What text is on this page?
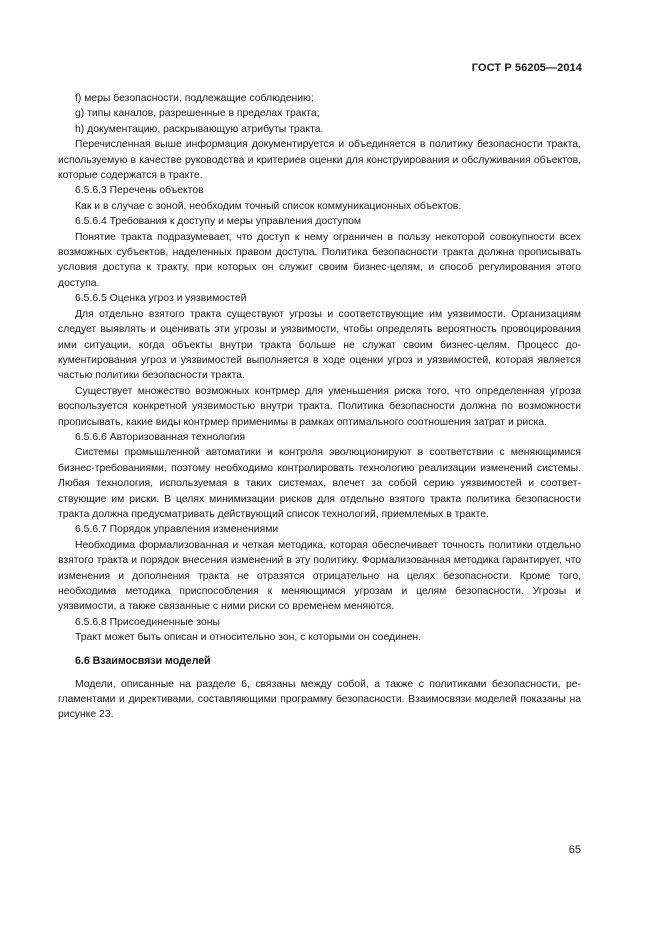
ГОСТ Р 56205—2014

f) меры безопасности, подлежащие соблюдению;

g) типы каналов, разрешенные в пределах тракта;

h) документацию, раскрывающую атрибуты тракта.

Перечисленная выше информация документируется и объединяется в политику безопасности тракта, используемую в качестве руководства и критериев оценки для конструирования и обслуживания объектов, которые содержатся в тракте.

6.5.6.3 Перечень объектов

Как и в случае с зоной, необходим точный список коммуникационных объектов.

6.5.6.4 Требования к доступу и меры управления доступом

Понятие тракта подразумевает, что доступ к нему ограничен в пользу некоторой совокупности всех возможных субъектов, наделенных правом доступа. Политика безопасности тракта должна прописывать условия доступа к тракту, при которых он служит своим бизнес-целям, и способ регулирования этого доступа.

6.5.6.5 Оценка угроз и уязвимостей

Для отдельно взятого тракта существуют угрозы и соответствующие им уязвимости. Организациям следует выявлять и оценивать эти угрозы и уязвимости, чтобы определять вероятность провоцирования ими ситуации, когда объекты внутри тракта больше не служат своим бизнес-целям. Процесс документирования угроз и уязвимостей выполняется в ходе оценки угроз и уязвимостей, которая является частью политики безопасности тракта.

Существует множество возможных контрмер для уменьшения риска того, что определенная угроза воспользуется конкретной уязвимостью внутри тракта. Политика безопасности должна по возможности прописывать, какие виды контрмер применимы в рамках оптимального соотношения затрат и риска.

6.5.6.6 Авторизованная технология

Системы промышленной автоматики и контроля эволюционируют в соответствии с меняющимися бизнес-требованиями, поэтому необходимо контролировать технологию реализации изменений системы. Любая технология, используемая в таких системах, влечет за собой серию уязвимостей и соответствующие им риски. В целях минимизации рисков для отдельно взятого тракта политика безопасности тракта должна предусматривать действующий список технологий, приемлемых в тракте.

6.5.6.7 Порядок управления изменениями

Необходима формализованная и четкая методика, которая обеспечивает точность политики отдельно взятого тракта и порядок внесения изменений в эту политику. Формализованная методика гарантирует, что изменения и дополнения тракта не отразятся отрицательно на целях безопасности. Кроме того, необходима методика приспособления к меняющимся угрозам и целям безопасности. Угрозы и уязвимости, а также связанные с ними риски со временем меняются.

6.5.6.8 Присоединенные зоны

Тракт может быть описан и относительно зон, с которыми он соединен.

6.6 Взаимосвязи моделей

Модели, описанные на разделе 6, связаны между собой, а также с политиками безопасности, регламентами и директивами, составляющими программу безопасности. Взаимосвязи моделей показаны на рисунке 23.

65
